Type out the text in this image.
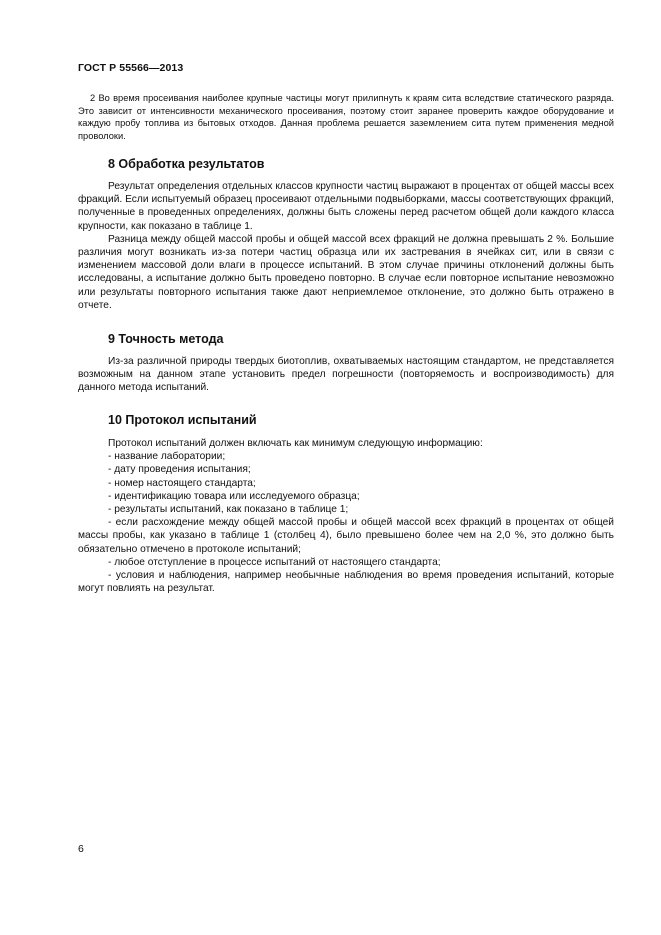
ГОСТ Р 55566—2013

2 Во время просеивания наиболее крупные частицы могут прилипнуть к краям сита вследствие статического разряда. Это зависит от интенсивности механического просеивания, поэтому стоит заранее проверить каждое оборудование и каждую пробу топлива из бытовых отходов. Данная проблема решается заземлением сита путем применения медной проволоки.

8 Обработка результатов

Результат определения отдельных классов крупности частиц выражают в процентах от общей массы всех фракций. Если испытуемый образец просеивают отдельными подвыборками, массы соответствующих фракций, полученные в проведенных определениях, должны быть сложены перед расчетом общей доли каждого класса крупности, как показано в таблице 1.

Разница между общей массой пробы и общей массой всех фракций не должна превышать 2 %. Большие различия могут возникать из-за потери частиц образца или их застревания в ячейках сит, или в связи с изменением массовой доли влаги в процессе испытаний. В этом случае причины отклонений должны быть исследованы, а испытание должно быть проведено повторно. В случае если повторное испытание невозможно или результаты повторного испытания также дают неприемлемое отклонение, это должно быть отражено в отчете.

9 Точность метода

Из-за различной природы твердых биотоплив, охватываемых настоящим стандартом, не представляется возможным на данном этапе установить предел погрешности (повторяемость и воспроизводимость) для данного метода испытаний.

10 Протокол испытаний

Протокол испытаний должен включать как минимум следующую информацию:

- название лаборатории;

- дату проведения испытания;

- номер настоящего стандарта;

- идентификацию товара или исследуемого образца;

- результаты испытаний, как показано в таблице 1;

- если расхождение между общей массой пробы и общей массой всех фракций в процентах от общей массы пробы, как указано в таблице 1 (столбец 4), было превышено более чем на 2,0 %, это должно быть обязательно отмечено в протоколе испытаний;

- любое отступление в процессе испытаний от настоящего стандарта;

- условия и наблюдения, например необычные наблюдения во время проведения испытаний, которые могут повлиять на результат.

6
